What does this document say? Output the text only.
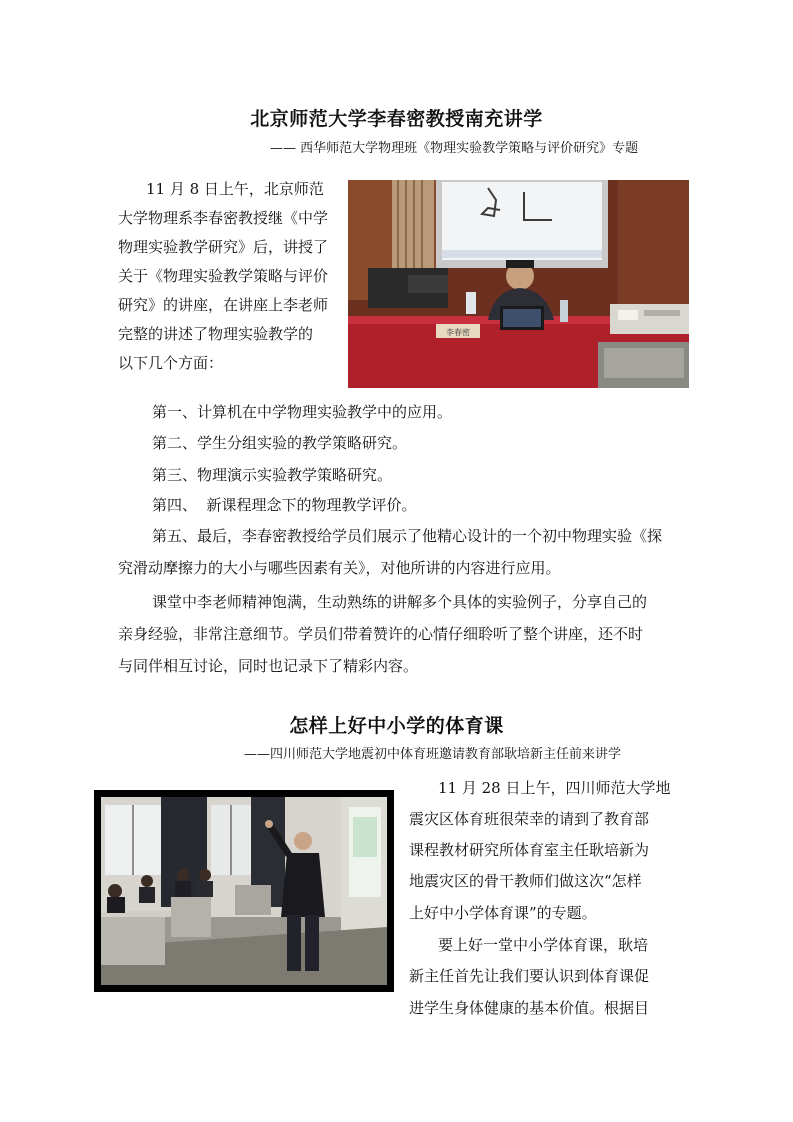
北京师范大学李春密教授南充讲学
—— 西华师范大学物理班《物理实验教学策略与评价研究》专题
11 月 8 日上午，北京师范
大学物理系李春密教授继《中学
物理实验教学研究》后，讲授了
关于《物理实验教学策略与评价
研究》的讲座，在讲座上李老师
完整的讲述了物理实验教学的
以下几个方面：
李春密
第一、计算机在中学物理实验教学中的应用。
第二、学生分组实验的教学策略研究。
第三、物理演示实验教学策略研究。
第四、  新课程理念下的物理教学评价。
第五、最后，李春密教授给学员们展示了他精心设计的一个初中物理实验《探
究滑动摩擦力的大小与哪些因素有关》，对他所讲的内容进行应用。
课堂中李老师精神饱满，生动熟练的讲解多个具体的实验例子，分享自己的
亲身经验，非常注意细节。学员们带着赞许的心情仔细聆听了整个讲座，还不时
与同伴相互讨论，同时也记录下了精彩内容。
怎样上好中小学的体育课
——四川师范大学地震初中体育班邀请教育部耿培新主任前来讲学
11 月 28 日上午，四川师范大学地
震灾区体育班很荣幸的请到了教育部
课程教材研究所体育室主任耿培新为
地震灾区的骨干教师们做这次“怎样
上好中小学体育课”的专题。
要上好一堂中小学体育课，耿培
新主任首先让我们要认识到体育课促
进学生身体健康的基本价值。根据目
